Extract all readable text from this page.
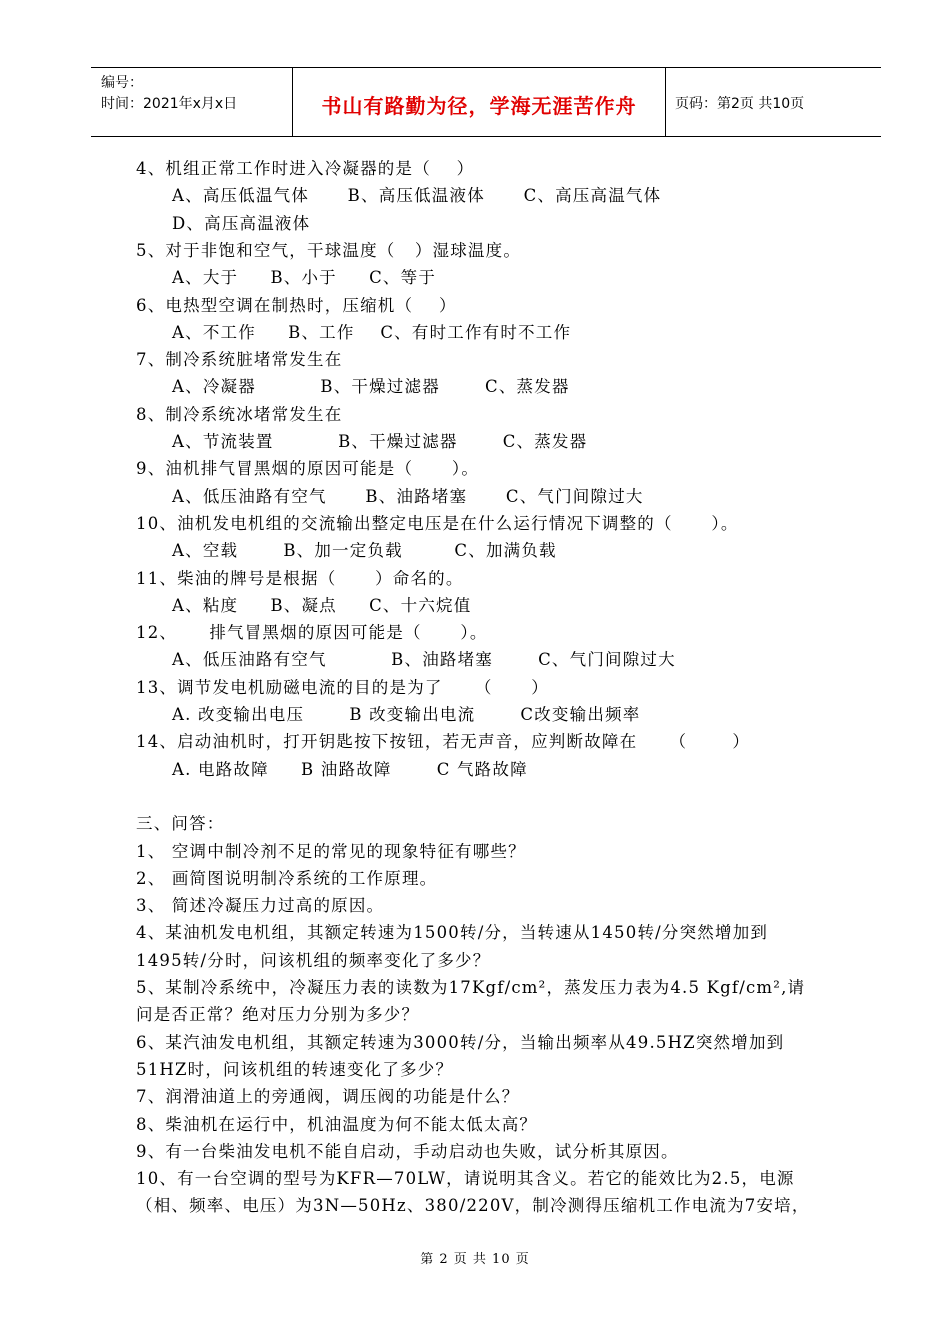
编号：
时间：2021年x月x日	书山有路勤为径，学海无涯苦作舟	页码：第2页 共10页
4、机组正常工作时进入冷凝器的是（    ）
A、高压低温气体      B、高压低温液体      C、高压高温气体
D、高压高温液体
5、对于非饱和空气，干球温度（   ）湿球温度。
A、大于     B、小于     C、等于
6、电热型空调在制热时，压缩机（    ）
A、不工作     B、工作    C、有时工作有时不工作
7、制冷系统脏堵常发生在
A、冷凝器          B、干燥过滤器       C、蒸发器
8、制冷系统冰堵常发生在
A、节流装置          B、干燥过滤器       C、蒸发器
9、油机排气冒黑烟的原因可能是（      ）。
A、低压油路有空气      B、油路堵塞      C、气门间隙过大
10、油机发电机组的交流输出整定电压是在什么运行情况下调整的（      ）。
A、空载       B、加一定负载        C、加满负载
11、柴油的牌号是根据（      ）命名的。
A、粘度     B、凝点     C、十六烷值
12、     排气冒黑烟的原因可能是（      ）。
A、低压油路有空气          B、油路堵塞       C、气门间隙过大
13、调节发电机励磁电流的目的是为了     （      ）
A. 改变输出电压       B 改变输出电流       C改变输出频率
14、启动油机时，打开钥匙按下按钮，若无声音，应判断故障在     （       ）
A. 电路故障     B 油路故障       C 气路故障
三、问答：
1、 空调中制冷剂不足的常见的现象特征有哪些？
2、 画简图说明制冷系统的工作原理。
3、 简述冷凝压力过高的原因。
4、某油机发电机组，其额定转速为1500转/分，当转速从1450转/分突然增加到
1495转/分时，问该机组的频率变化了多少？
5、某制冷系统中，冷凝压力表的读数为17Kgf/cm²，蒸发压力表为4.5 Kgf/cm²,请
问是否正常？绝对压力分别为多少？
6、某汽油发电机组，其额定转速为3000转/分，当输出频率从49.5HZ突然增加到
51HZ时，问该机组的转速变化了多少？
7、润滑油道上的旁通阀，调压阀的功能是什么？
8、柴油机在运行中，机油温度为何不能太低太高？
9、有一台柴油发电机不能自启动，手动启动也失败，试分析其原因。
10、有一台空调的型号为KFR—70LW，请说明其含义。若它的能效比为2.5，电源
（相、频率、电压）为3N—50Hz、380/220V，制冷测得压缩机工作电流为7安培，
第 2 页 共 10 页
